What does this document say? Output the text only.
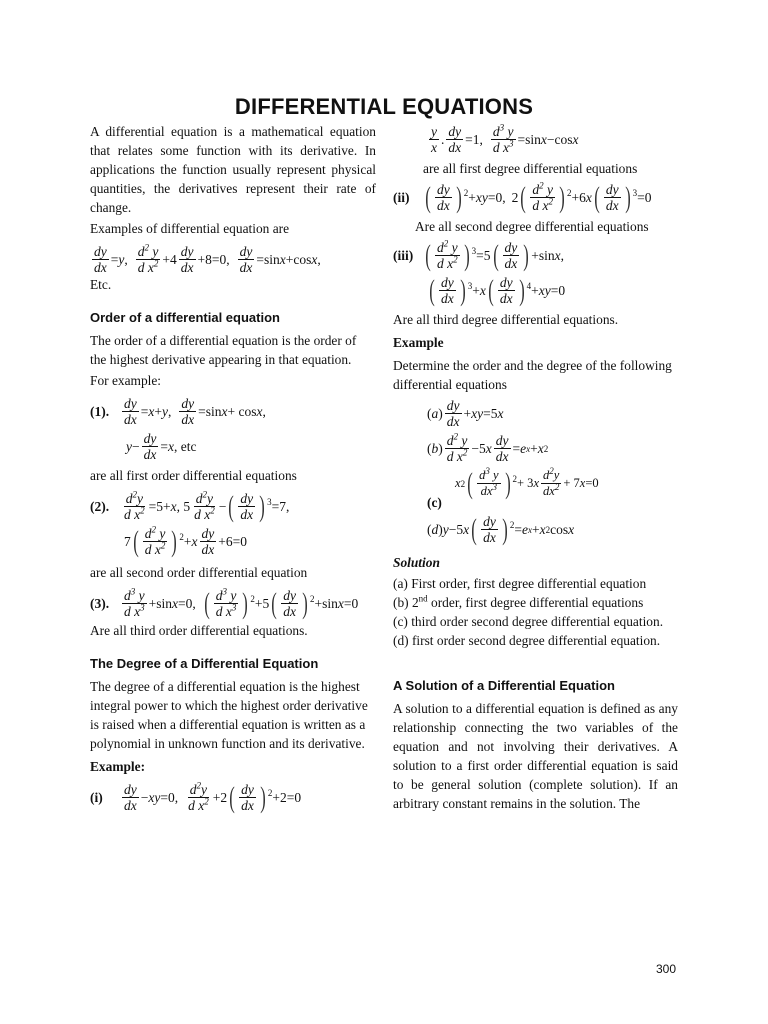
DIFFERENTIAL EQUATIONS

A differential equation is a mathematical equation that relates some function with its derivative. In applications the function usually represent physical quantities, the derivatives represent their rate of change.

Examples of differential equation are

$\frac{dy}{dx} = y$ , $\frac{d^2 y}{d x^2} +4 \frac{dy}{dx} +8=0$, $\frac{dy}{dx} =\sin$ x +cos x ,

Etc.

Order of a differential equation

The order of a differential equation is the order of the highest derivative appearing in that equation.

For example:

(1). $\frac{dy}{dx} = x + y$ , $\frac{dy}{dx} =\sin$ x + cos x ,
$y - \frac{dy}{dx} = x$ , etc

are all first order differential equations

(2). $\frac{d^2y}{d x^2} =5+ x$ , $5 \frac{d^2y}{d x^2}$ − ( $\frac{dy}{dx}$ ) 3 =7,
7 ( $\frac{d^2 y}{d x^2}$ ) 2 + x $\frac{dy}{dx} +6=0$

are all second order differential equation

(3). $\frac{d^3 y}{d x^3} +\sin$ x =0, ( $\frac{d^3 y}{d x^3}$ ) 2 +5 ( $\frac{dy}{dx}$ ) 2 +sin x =0

Are all third order differential equations.

The Degree of a Differential Equation

The degree of a differential equation is the highest integral power to which the highest order derivative is raised when a differential equation is written as a polynomial in unknown function and its derivative.

Example:

(i)	$\frac{dy}{dx}$ − xy =0, $\frac{d^2y}{d x^2} +2$ ( $\frac{dy}{dx}$ ) 2 +2=0
$\frac{y}{x}$ . $\frac{dy}{dx} =1$, $\frac{d^3 y}{d x^3} =\sin$ x −cos x

are all first degree differential equations

(ii) ( $\frac{dy}{dx}$ ) 2 + xy =0, 2 ( $\frac{d^2 y}{d x^2}$ ) 2 +6 x ( $\frac{dy}{dx}$ ) 3 =0

Are all second degree differential equations

(iii) ( $\frac{d^2 y}{d x^2}$ ) 3 =5 ( $\frac{dy}{dx}$ ) +sin x ,
( $\frac{dy}{dx}$ ) 3 + x ( $\frac{dy}{dx}$ ) 4 + xy =0

Are all third degree differential equations.

Example

Determine the order and the degree of the following differential equations

( a ) $\frac{dy}{dx}$ + xy =5 x
( b ) $\frac{d^2 y}{d x^2} -5$ x $\frac{dy}{dx} = e$ x + x 2
x 2 ( $\frac{d^3 y}{dx^3}$ ) 2 + 3 x $\frac{d^2y}{dx^2} + 7$ x =0

(c)

( d ) y −5 x ( $\frac{dy}{dx}$ ) 2 = e x + x 2 cos x

Solution

(a) First order, first degree differential equation

(b) 2nd order, first degree differential equations

(c) third order second degree differential equation.

(d) first order second degree differential equation.

A Solution of a Differential Equation

A solution to a differential equation is defined as any relationship connecting the two variables of the equation and not involving their derivatives. A solution to a first order differential equation is said to be general solution (complete solution). If an arbitrary constant remains in the solution. The

300
